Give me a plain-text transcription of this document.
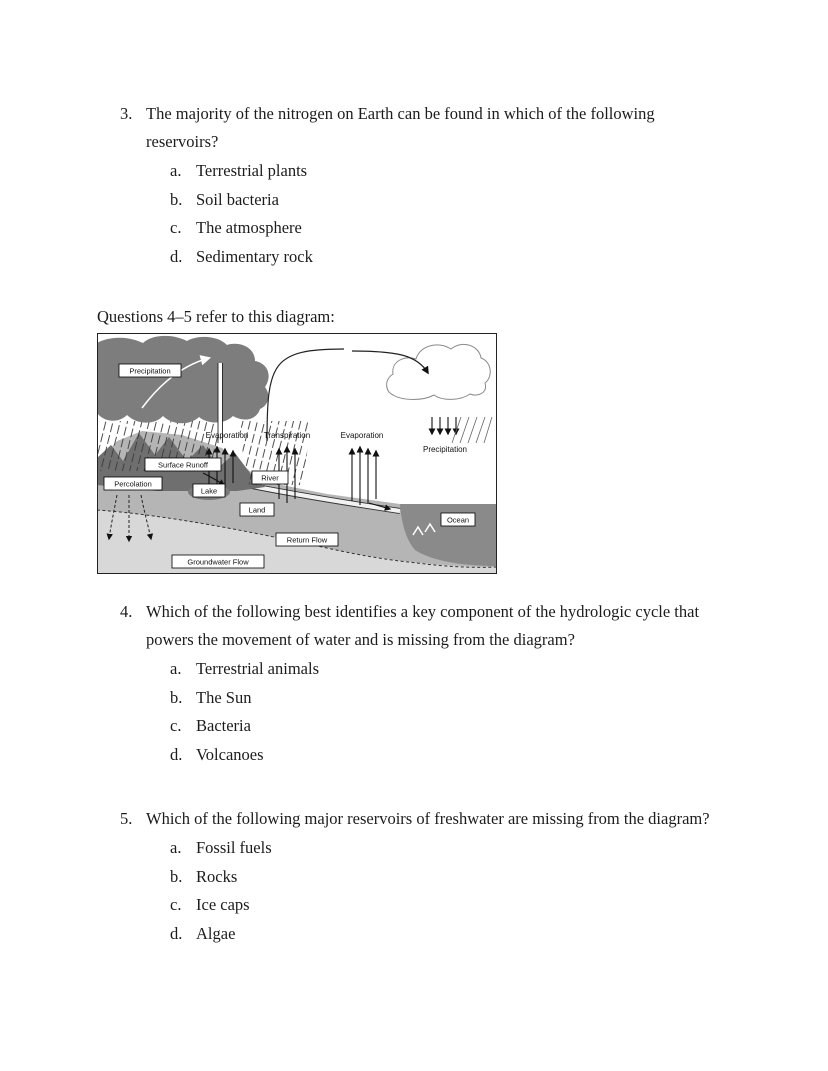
3. The majority of the nitrogen on Earth can be found in which of the following reservoirs?
a. Terrestrial plants
b. Soil bacteria
c. The atmosphere
d. Sedimentary rock
Questions 4–5 refer to this diagram:
Precipitation
Surface Runoff
River
Percolation
Lake
Land
Return Flow
Ocean
Groundwater Flow
Evaporation Transpiration	Evaporation
Precipitation
4. Which of the following best identifies a key component of the hydrologic cycle that powers the movement of water and is missing from the diagram?
a. Terrestrial animals
b. The Sun
c. Bacteria
d. Volcanoes
5. Which of the following major reservoirs of freshwater are missing from the diagram?
a. Fossil fuels
b. Rocks
c. Ice caps
d. Algae
